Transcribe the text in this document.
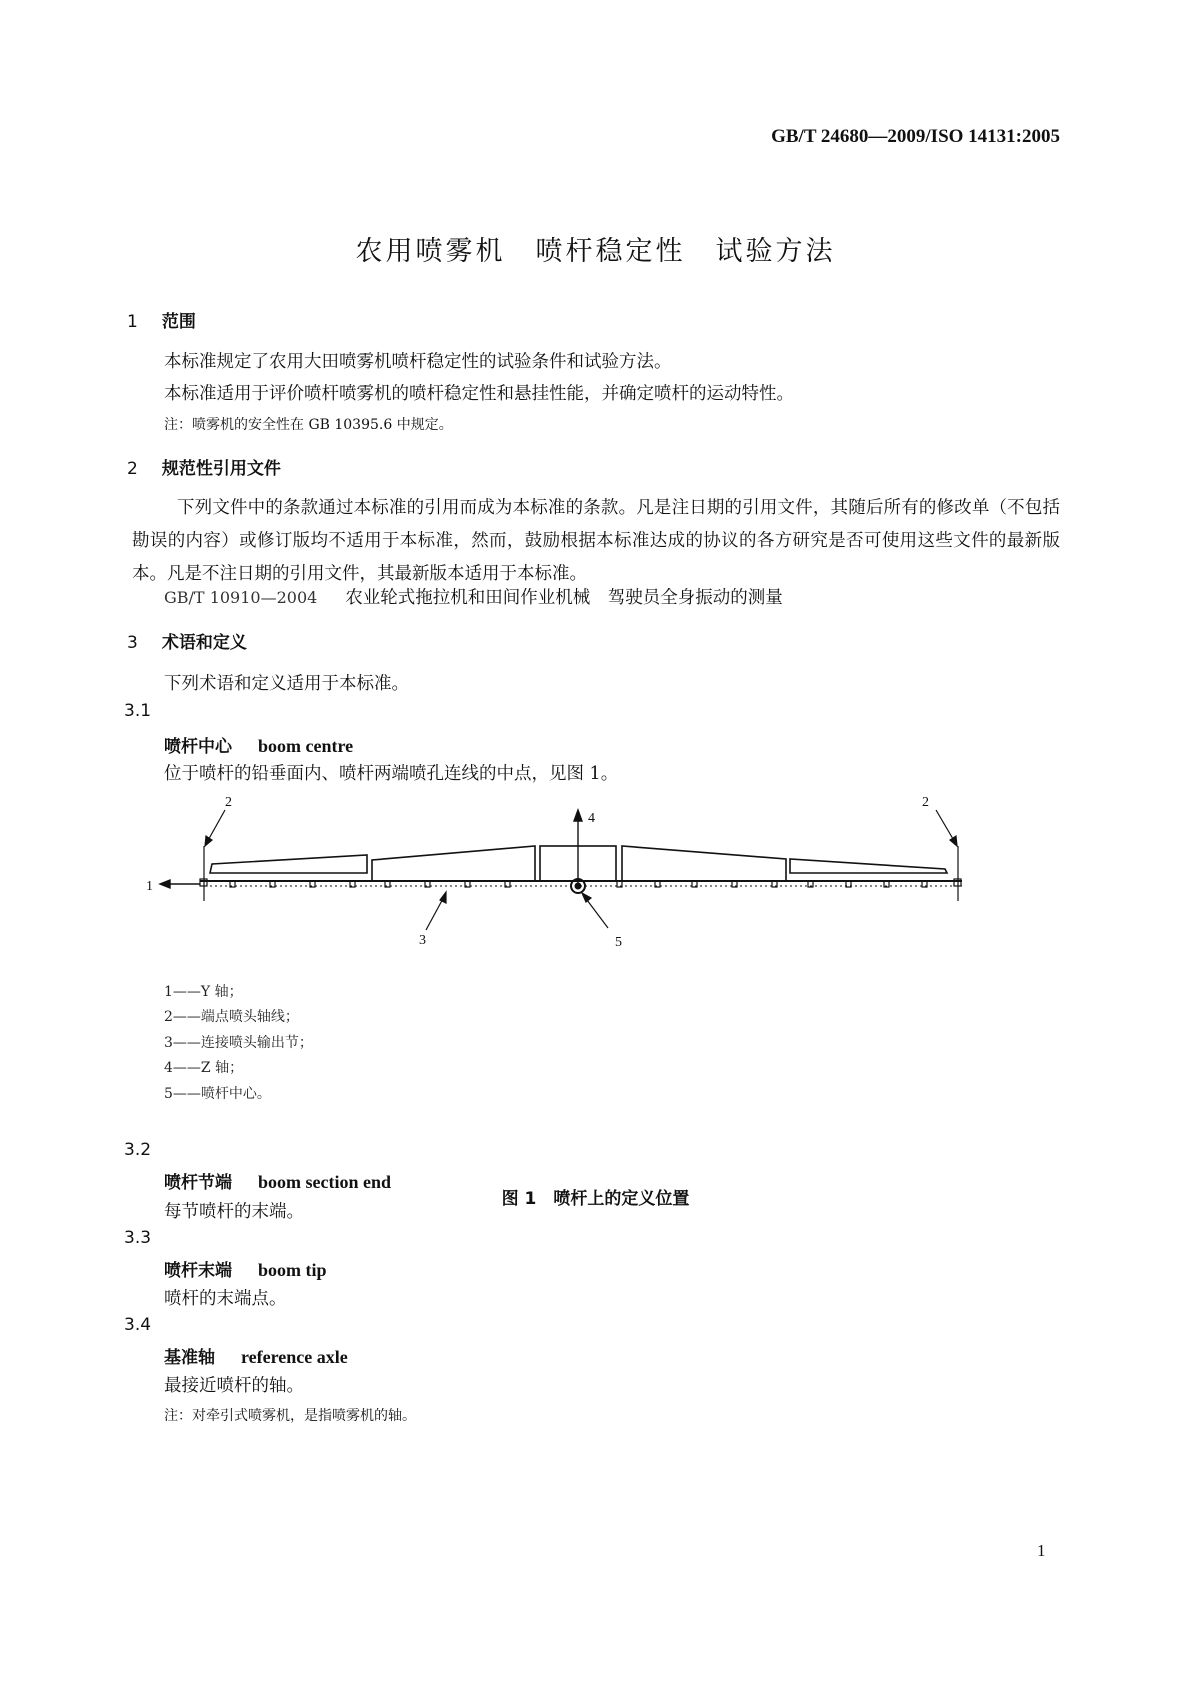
GB/T 24680—2009/ISO 14131:2005
农用喷雾机　喷杆稳定性　试验方法
1 范围
本标准规定了农用大田喷雾机喷杆稳定性的试验条件和试验方法。
本标准适用于评价喷杆喷雾机的喷杆稳定性和悬挂性能，并确定喷杆的运动特性。
注：喷雾机的安全性在 GB 10395.6 中规定。
2 规范性引用文件
下列文件中的条款通过本标准的引用而成为本标准的条款。凡是注日期的引用文件，其随后所有的修改单（不包括勘误的内容）或修订版均不适用于本标准，然而，鼓励根据本标准达成的协议的各方研究是否可使用这些文件的最新版本。凡是不注日期的引用文件，其最新版本适用于本标准。
GB/T 10910—2004 农业轮式拖拉机和田间作业机械　驾驶员全身振动的测量
3 术语和定义
下列术语和定义适用于本标准。
3.1
喷杆中心 boom centre
位于喷杆的铅垂面内、喷杆两端喷孔连线的中点，见图 1。
1
2	2
3
4
5
1——Y 轴；
2——端点喷头轴线；
3——连接喷头输出节；
4——Z 轴；
5——喷杆中心。
图 1　喷杆上的定义位置
3.2
喷杆节端 boom section end
每节喷杆的末端。
3.3
喷杆末端 boom tip
喷杆的末端点。
3.4
基准轴 reference axle
最接近喷杆的轴。
注：对牵引式喷雾机，是指喷雾机的轴。
1
